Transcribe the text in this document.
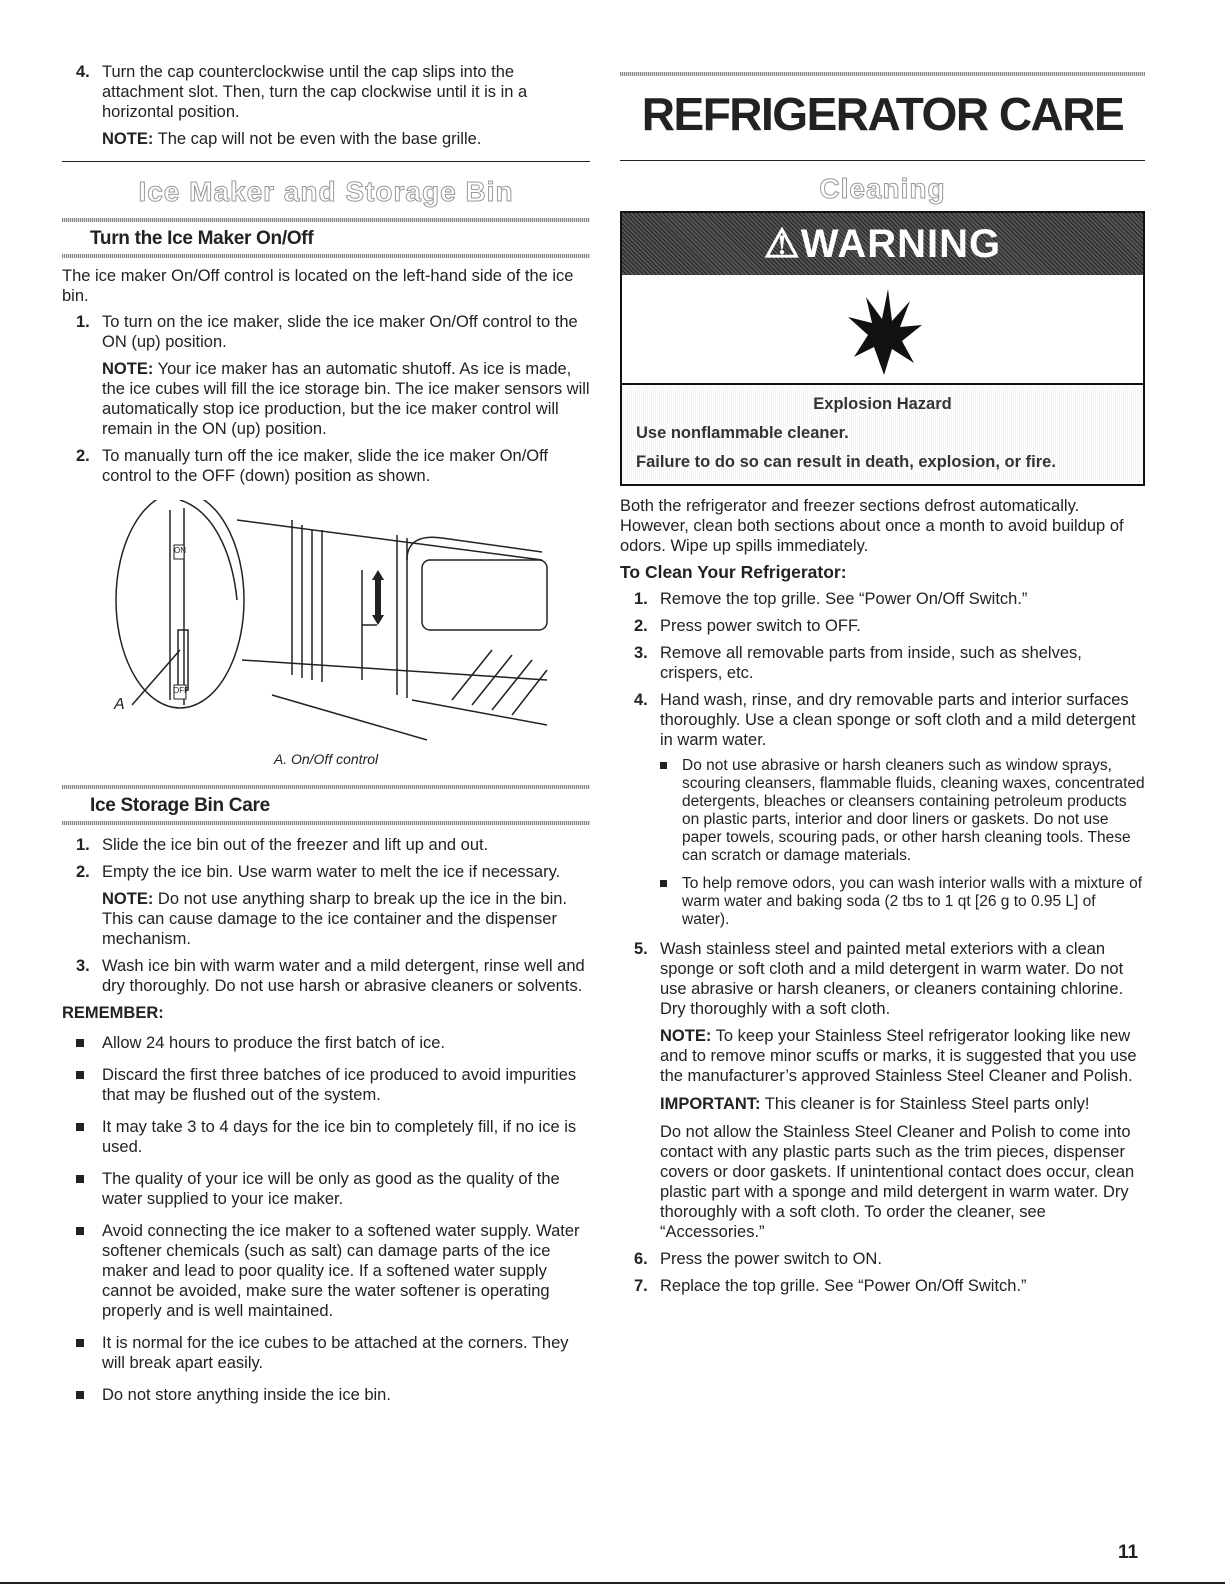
4. Turn the cap counterclockwise until the cap slips into the attachment slot. Then, turn the cap clockwise until it is in a horizontal position.
NOTE: The cap will not be even with the base grille.
Ice Maker and Storage Bin
Turn the Ice Maker On/Off

The ice maker On/Off control is located on the left-hand side of the ice bin.

1. To turn on the ice maker, slide the ice maker On/Off control to the ON (up) position.
NOTE: Your ice maker has an automatic shutoff. As ice is made, the ice cubes will fill the ice storage bin. The ice maker sensors will automatically stop ice production, but the ice maker control will remain in the ON (up) position.
2. To manually turn off the ice maker, slide the ice maker On/Off control to the OFF (down) position as shown.
ON
OFF
A
A. On/Off control
Ice Storage Bin Care
1. Slide the ice bin out of the freezer and lift up and out.
2. Empty the ice bin. Use warm water to melt the ice if necessary.
NOTE: Do not use anything sharp to break up the ice in the bin. This can cause damage to the ice container and the dispenser mechanism.
3. Wash ice bin with warm water and a mild detergent, rinse well and dry thoroughly. Do not use harsh or abrasive cleaners or solvents.
REMEMBER:
Allow 24 hours to produce the first batch of ice.
Discard the first three batches of ice produced to avoid impurities that may be flushed out of the system.
It may take 3 to 4 days for the ice bin to completely fill, if no ice is used.
The quality of your ice will be only as good as the quality of the water supplied to your ice maker.
Avoid connecting the ice maker to a softened water supply. Water softener chemicals (such as salt) can damage parts of the ice maker and lead to poor quality ice. If a softened water supply cannot be avoided, make sure the water softener is operating properly and is well maintained.
It is normal for the ice cubes to be attached at the corners. They will break apart easily.
Do not store anything inside the ice bin.
REFRIGERATOR CARE
Cleaning
⚠WARNING
Explosion Hazard
Use nonflammable cleaner.
Failure to do so can result in death, explosion, or fire.

Both the refrigerator and freezer sections defrost automatically. However, clean both sections about once a month to avoid buildup of odors. Wipe up spills immediately.

To Clean Your Refrigerator:
1. Remove the top grille. See “Power On/Off Switch.”
2. Press power switch to OFF.
3. Remove all removable parts from inside, such as shelves, crispers, etc.
4. Hand wash, rinse, and dry removable parts and interior surfaces thoroughly. Use a clean sponge or soft cloth and a mild detergent in warm water.
Do not use abrasive or harsh cleaners such as window sprays, scouring cleansers, flammable fluids, cleaning waxes, concentrated detergents, bleaches or cleansers containing petroleum products on plastic parts, interior and door liners or gaskets. Do not use paper towels, scouring pads, or other harsh cleaning tools. These can scratch or damage materials.
To help remove odors, you can wash interior walls with a mixture of warm water and baking soda (2 tbs to 1 qt [26 g to 0.95 L] of water).
5. Wash stainless steel and painted metal exteriors with a clean sponge or soft cloth and a mild detergent in warm water. Do not use abrasive or harsh cleaners, or cleaners containing chlorine. Dry thoroughly with a soft cloth.
NOTE: To keep your Stainless Steel refrigerator looking like new and to remove minor scuffs or marks, it is suggested that you use the manufacturer’s approved Stainless Steel Cleaner and Polish.
IMPORTANT: This cleaner is for Stainless Steel parts only!
Do not allow the Stainless Steel Cleaner and Polish to come into contact with any plastic parts such as the trim pieces, dispenser covers or door gaskets. If unintentional contact does occur, clean plastic part with a sponge and mild detergent in warm water. Dry thoroughly with a soft cloth. To order the cleaner, see “Accessories.”
6. Press the power switch to ON.
7. Replace the top grille. See “Power On/Off Switch.”
11
